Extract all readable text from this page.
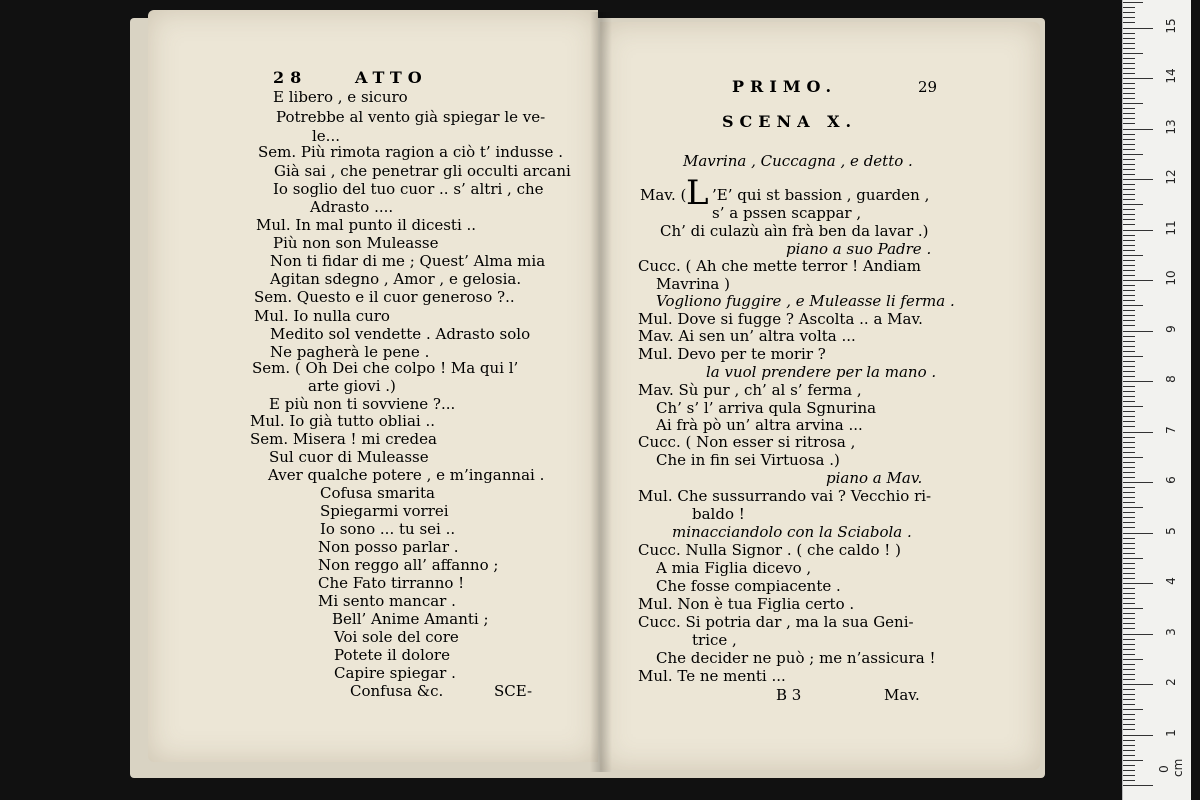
28	ATTO
E libero , e sicuro
Potrebbe al vento già spiegar le ve-
le...
Sem. Più rimota ragion a ciò t’ indusse .
Già sai , che penetrar gli occulti arcani
Io soglio del tuo cuor .. s’ altri , che
Adrasto ....
Mul. In mal punto il dicesti ..
Più non son Muleasse
Non ti fidar di me ; Quest’ Alma mia
Agitan sdegno , Amor , e gelosia.
Sem. Questo e il cuor generoso ?..
Mul. Io nulla curo
Medito sol vendette . Adrasto solo
Ne pagherà le pene .
Sem. ( Oh Dei che colpo ! Ma qui l’
arte giovi .)
E più non ti sovviene ?...
Mul. Io già tutto obliai ..
Sem. Misera ! mi credea
Sul cuor di Muleasse
Aver qualche potere , e m’ingannai .
Cofusa smarita
Spiegarmi vorrei
Io sono ... tu sei ..
Non posso parlar .
Non reggo all’ affanno ;
Che Fato tirranno !
Mi sento mancar .
Bell’ Anime Amanti ;
Voi sole del core
Potete il dolore
Capire spiegar .
Confusa &c.	SCE-
PRIMO.	29
SCENA X.
Mavrina , Cuccagna , e detto .
Mav. ( L ’E’ qui st bassion , guarden ,
s’ a pssen scappar ,
Ch’ di culazù aìn frà ben da lavar .)
piano a suo Padre .
Cucc. ( Ah che mette terror ! Andiam
Mavrina )
Vogliono fuggire , e Muleasse li ferma .
Mul. Dove si fugge ? Ascolta .. a Mav.
Mav. Ai sen un’ altra volta ...
Mul. Devo per te morir ?
la vuol prendere per la mano .
Mav. Sù pur , ch’ al s’ ferma ,
Ch’ s’ l’ arriva qula Sgnurina
Ai frà pò un’ altra arvina ...
Cucc. ( Non esser si ritrosa ,
Che in fin sei Virtuosa .)
piano a Mav.
Mul. Che sussurrando vai ? Vecchio ri-
baldo !
minacciandolo con la Sciabola .
Cucc. Nulla Signor . ( che caldo ! )
A mia Figlia dicevo ,
Che fosse compiacente .
Mul. Non è tua Figlia certo .
Cucc. Si potria dar , ma la sua Geni-
trice ,
Che decider ne può ; me n’assicura !
Mul. Te ne menti ...
B 3	Mav.
0 cm
1
2
3
4
5
6
7
8
9
10
11
12
13
14
15
